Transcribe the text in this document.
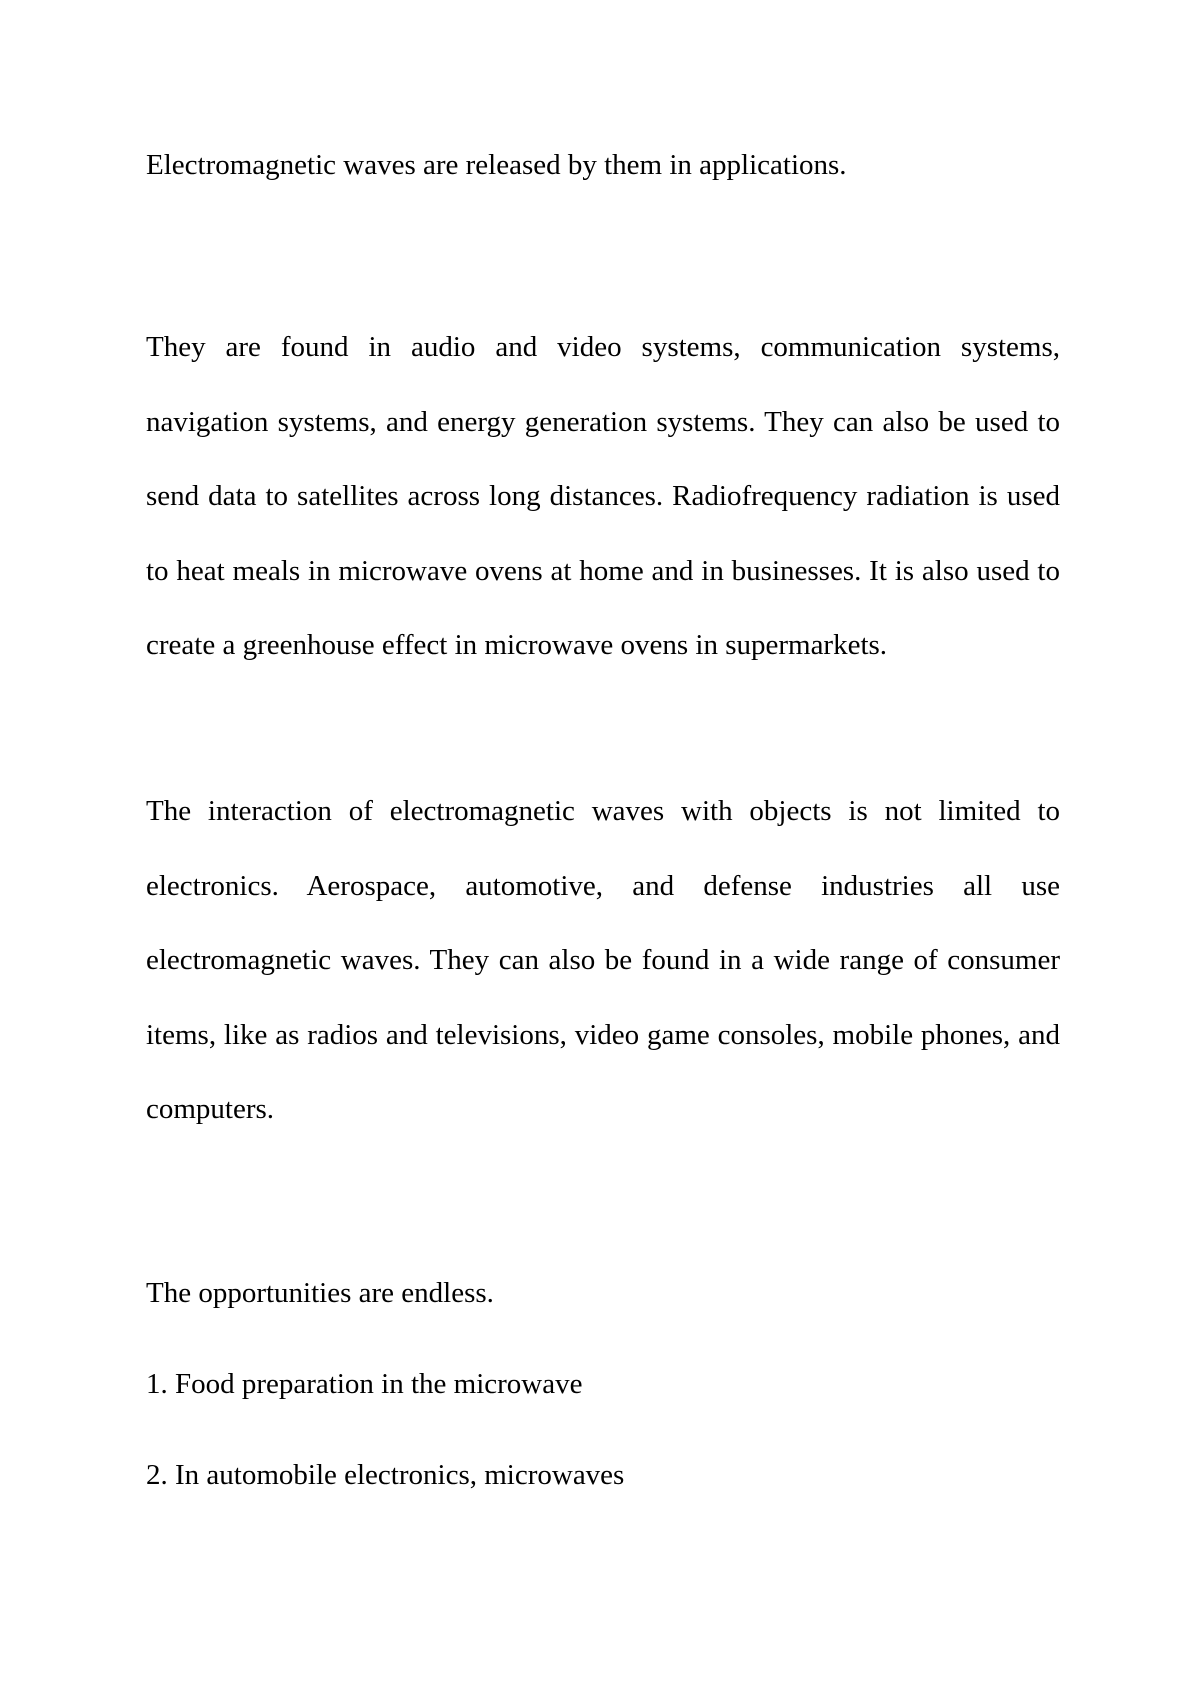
Electromagnetic waves are released by them in applications.

They are found in audio and video systems, communication systems, navigation systems, and energy generation systems. They can also be used to send data to satellites across long distances. Radiofrequency radiation is used to heat meals in microwave ovens at home and in businesses. It is also used to create a greenhouse effect in microwave ovens in supermarkets.

The interaction of electromagnetic waves with objects is not limited to electronics. Aerospace, automotive, and defense industries all use electromagnetic waves. They can also be found in a wide range of consumer items, like as radios and televisions, video game consoles, mobile phones, and computers.

The opportunities are endless.

1. Food preparation in the microwave

2. In automobile electronics, microwaves
